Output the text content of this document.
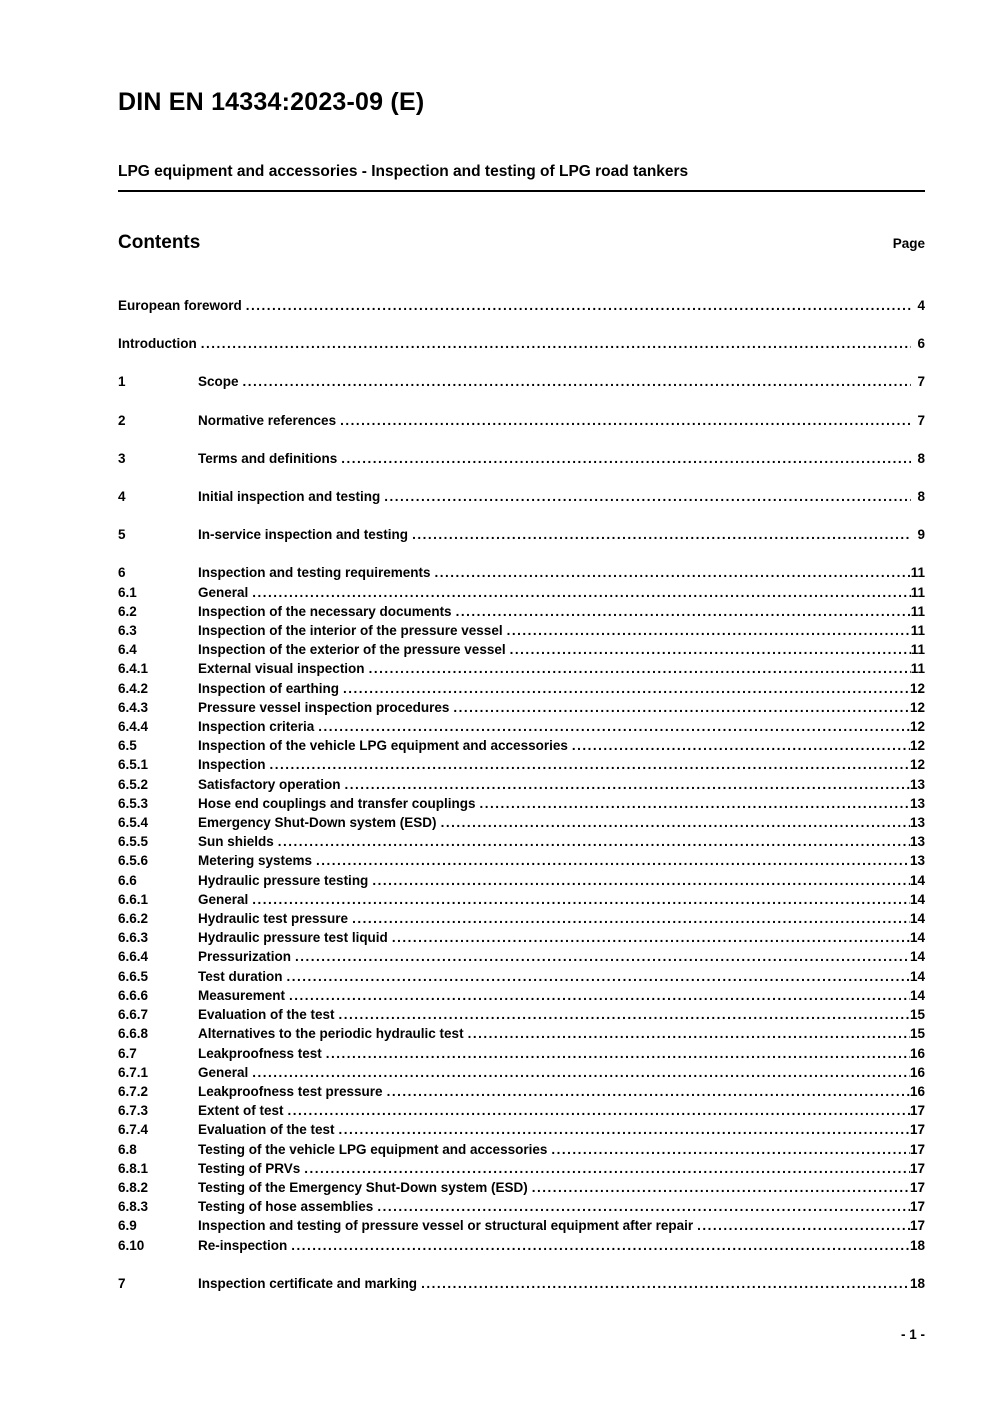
DIN EN 14334:2023-09 (E)
LPG equipment and accessories - Inspection and testing of LPG road tankers
Contents	Page
European foreword .....	4
Introduction .....	6
1	Scope .....	7
2	Normative references .....	7
3	Terms and definitions .....	8
4	Initial inspection and testing .....	8
5	In-service inspection and testing .....	9
6	Inspection and testing requirements .....	11
6.1	General .....	11
6.2	Inspection of the necessary documents .....	11
6.3	Inspection of the interior of the pressure vessel .....	11
6.4	Inspection of the exterior of the pressure vessel .....	11
6.4.1	External visual inspection .....	11
6.4.2	Inspection of earthing .....	12
6.4.3	Pressure vessel inspection procedures .....	12
6.4.4	Inspection criteria .....	12
6.5	Inspection of the vehicle LPG equipment and accessories .....	12
6.5.1	Inspection .....	12
6.5.2	Satisfactory operation .....	13
6.5.3	Hose end couplings and transfer couplings .....	13
6.5.4	Emergency Shut-Down system (ESD) .....	13
6.5.5	Sun shields .....	13
6.5.6	Metering systems .....	13
6.6	Hydraulic pressure testing .....	14
6.6.1	General .....	14
6.6.2	Hydraulic test pressure .....	14
6.6.3	Hydraulic pressure test liquid .....	14
6.6.4	Pressurization .....	14
6.6.5	Test duration .....	14
6.6.6	Measurement .....	14
6.6.7	Evaluation of the test .....	15
6.6.8	Alternatives to the periodic hydraulic test .....	15
6.7	Leakproofness test .....	16
6.7.1	General .....	16
6.7.2	Leakproofness test pressure .....	16
6.7.3	Extent of test .....	17
6.7.4	Evaluation of the test .....	17
6.8	Testing of the vehicle LPG equipment and accessories .....	17
6.8.1	Testing of PRVs .....	17
6.8.2	Testing of the Emergency Shut-Down system (ESD) .....	17
6.8.3	Testing of hose assemblies .....	17
6.9	Inspection and testing of pressure vessel or structural equipment after repair .....	17
6.10	Re-inspection .....	18
7	Inspection certificate and marking .....	18
- 1 -
